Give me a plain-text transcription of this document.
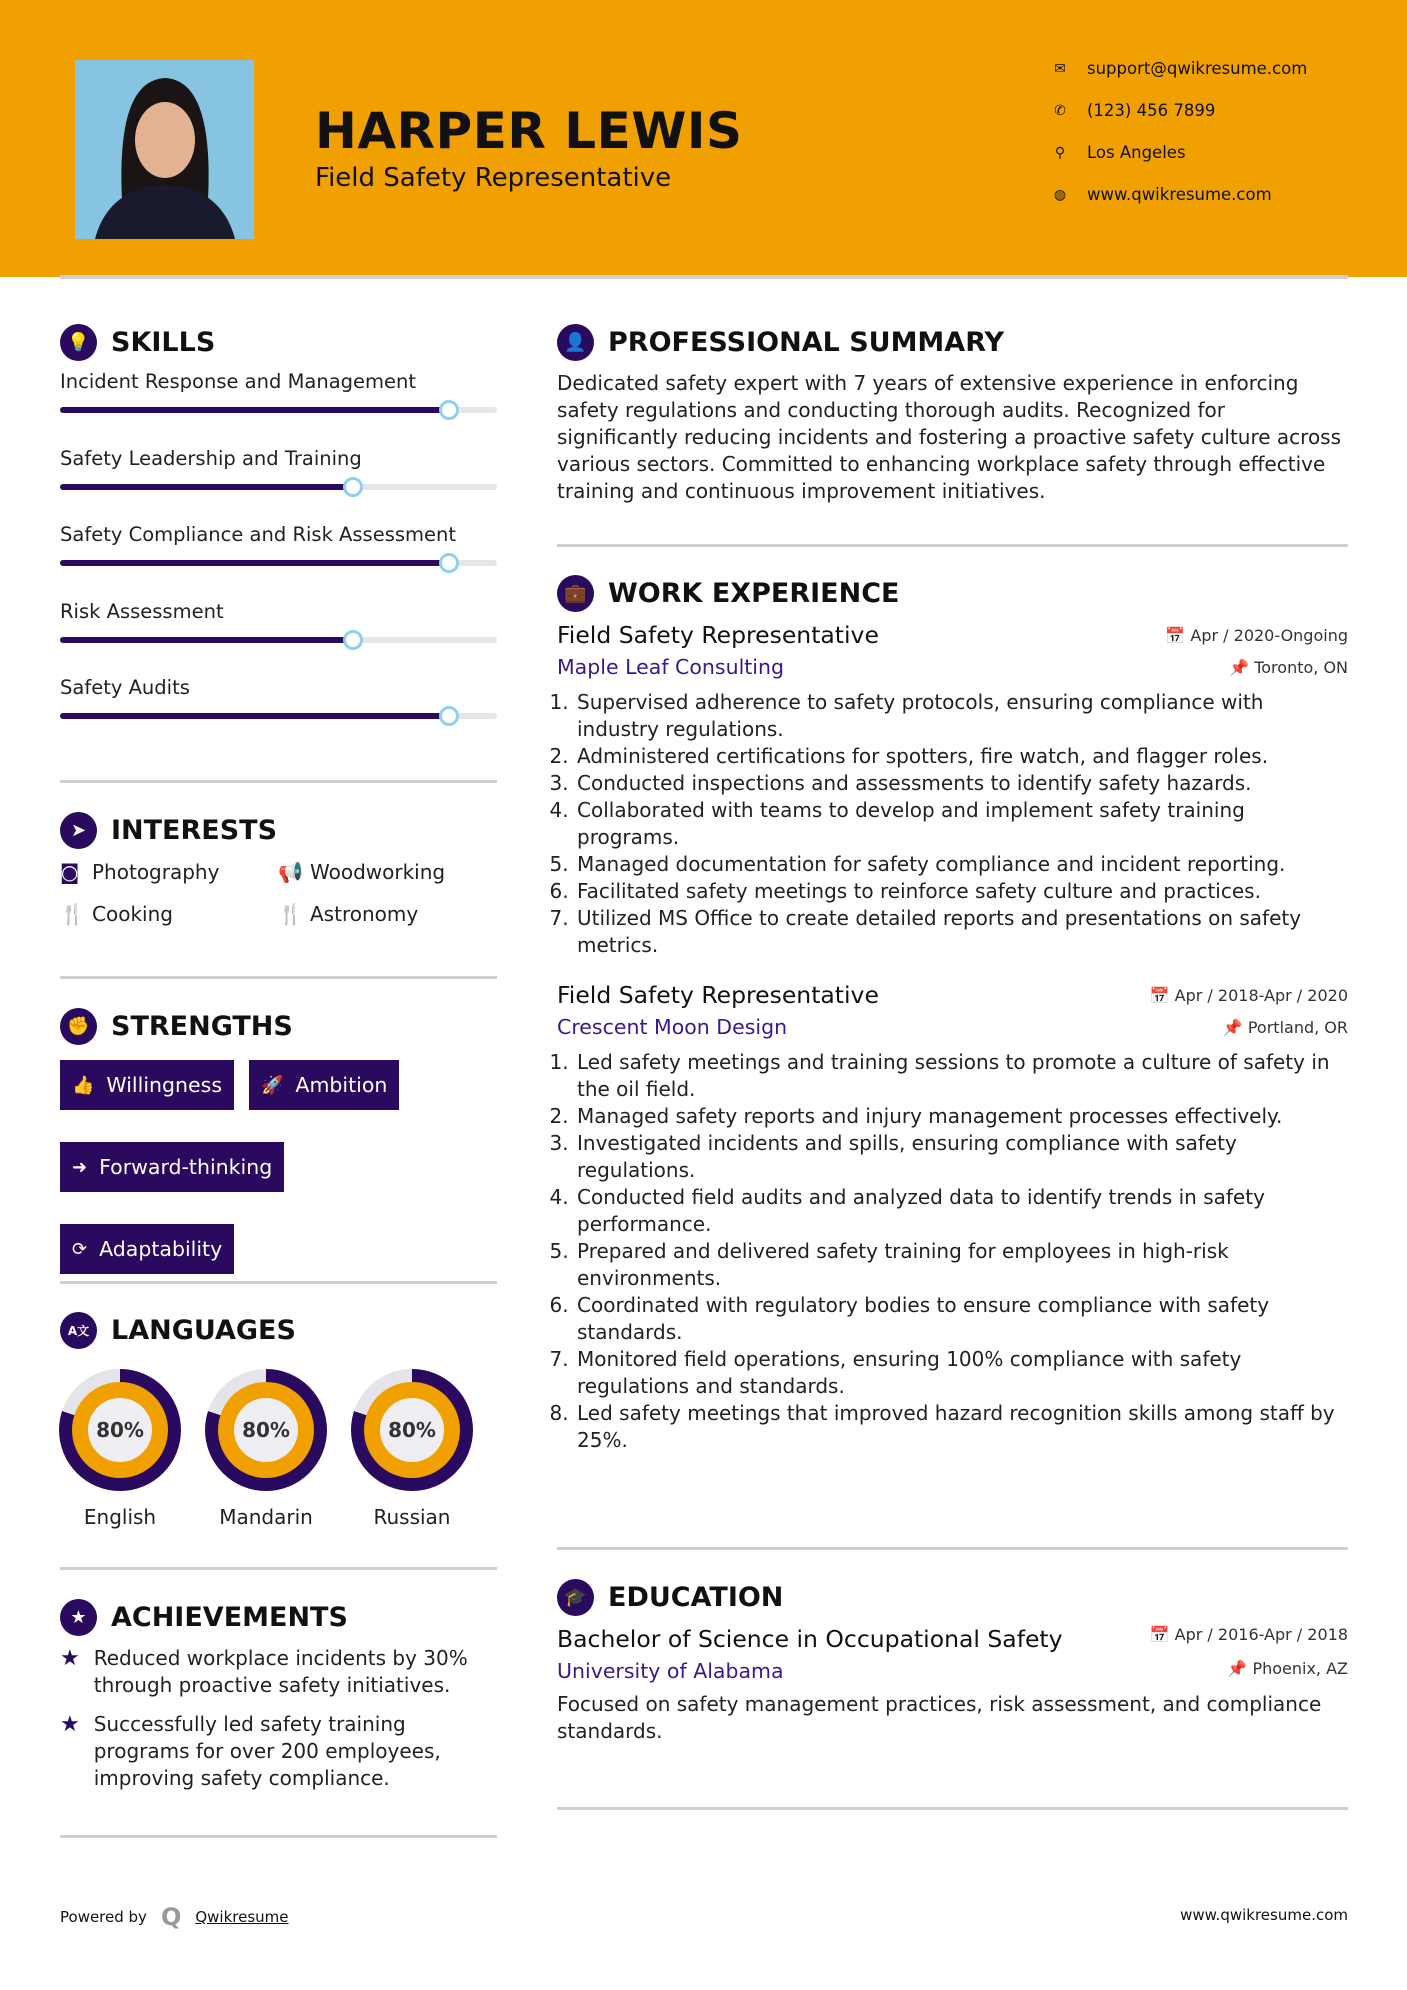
HARPER LEWIS
Field Safety Representative
✉ support@qwikresume.com
✆ (123) 456 7899
⚲ Los Angeles
◍ www.qwikresume.com
💡 SKILLS
Incident Response and Management
Safety Leadership and Training
Safety Compliance and Risk Assessment
Risk Assessment
Safety Audits
➤ INTERESTS
◙ Photography	📢 Woodworking
🍴 Cooking	🍴 Astronomy
✊ STRENGTHS
👍 Willingness 🚀 Ambition
➜ Forward-thinking
⟳ Adaptability
A文 LANGUAGES
80%
English
80%
Mandarin
80%
Russian
★ ACHIEVEMENTS
★ Reduced workplace incidents by 30% through proactive safety initiatives.
★ Successfully led safety training programs for over 200 employees, improving safety compliance.
👤 PROFESSIONAL SUMMARY

Dedicated safety expert with 7 years of extensive experience in enforcing safety regulations and conducting thorough audits. Recognized for significantly reducing incidents and fostering a proactive safety culture across various sectors. Committed to enhancing workplace safety through effective training and continuous improvement initiatives.

💼 WORK EXPERIENCE
Field Safety Representative	📅 Apr / 2020-Ongoing
Maple Leaf Consulting	📌 Toronto, ON
1. Supervised adherence to safety protocols, ensuring compliance with industry regulations.
2. Administered certifications for spotters, fire watch, and flagger roles.
3. Conducted inspections and assessments to identify safety hazards.
4. Collaborated with teams to develop and implement safety training programs.
5. Managed documentation for safety compliance and incident reporting.
6. Facilitated safety meetings to reinforce safety culture and practices.
7. Utilized MS Office to create detailed reports and presentations on safety metrics.
Field Safety Representative	📅 Apr / 2018-Apr / 2020
Crescent Moon Design	📌 Portland, OR
1. Led safety meetings and training sessions to promote a culture of safety in the oil field.
2. Managed safety reports and injury management processes effectively.
3. Investigated incidents and spills, ensuring compliance with safety regulations.
4. Conducted field audits and analyzed data to identify trends in safety performance.
5. Prepared and delivered safety training for employees in high-risk environments.
6. Coordinated with regulatory bodies to ensure compliance with safety standards.
7. Monitored field operations, ensuring 100% compliance with safety regulations and standards.
8. Led safety meetings that improved hazard recognition skills among staff by 25%.
🎓 EDUCATION
Bachelor of Science in Occupational Safety	📅 Apr / 2016-Apr / 2018
University of Alabama	📌 Phoenix, AZ

Focused on safety management practices, risk assessment, and compliance standards.

Powered by Q Qwikresume	www.qwikresume.com
